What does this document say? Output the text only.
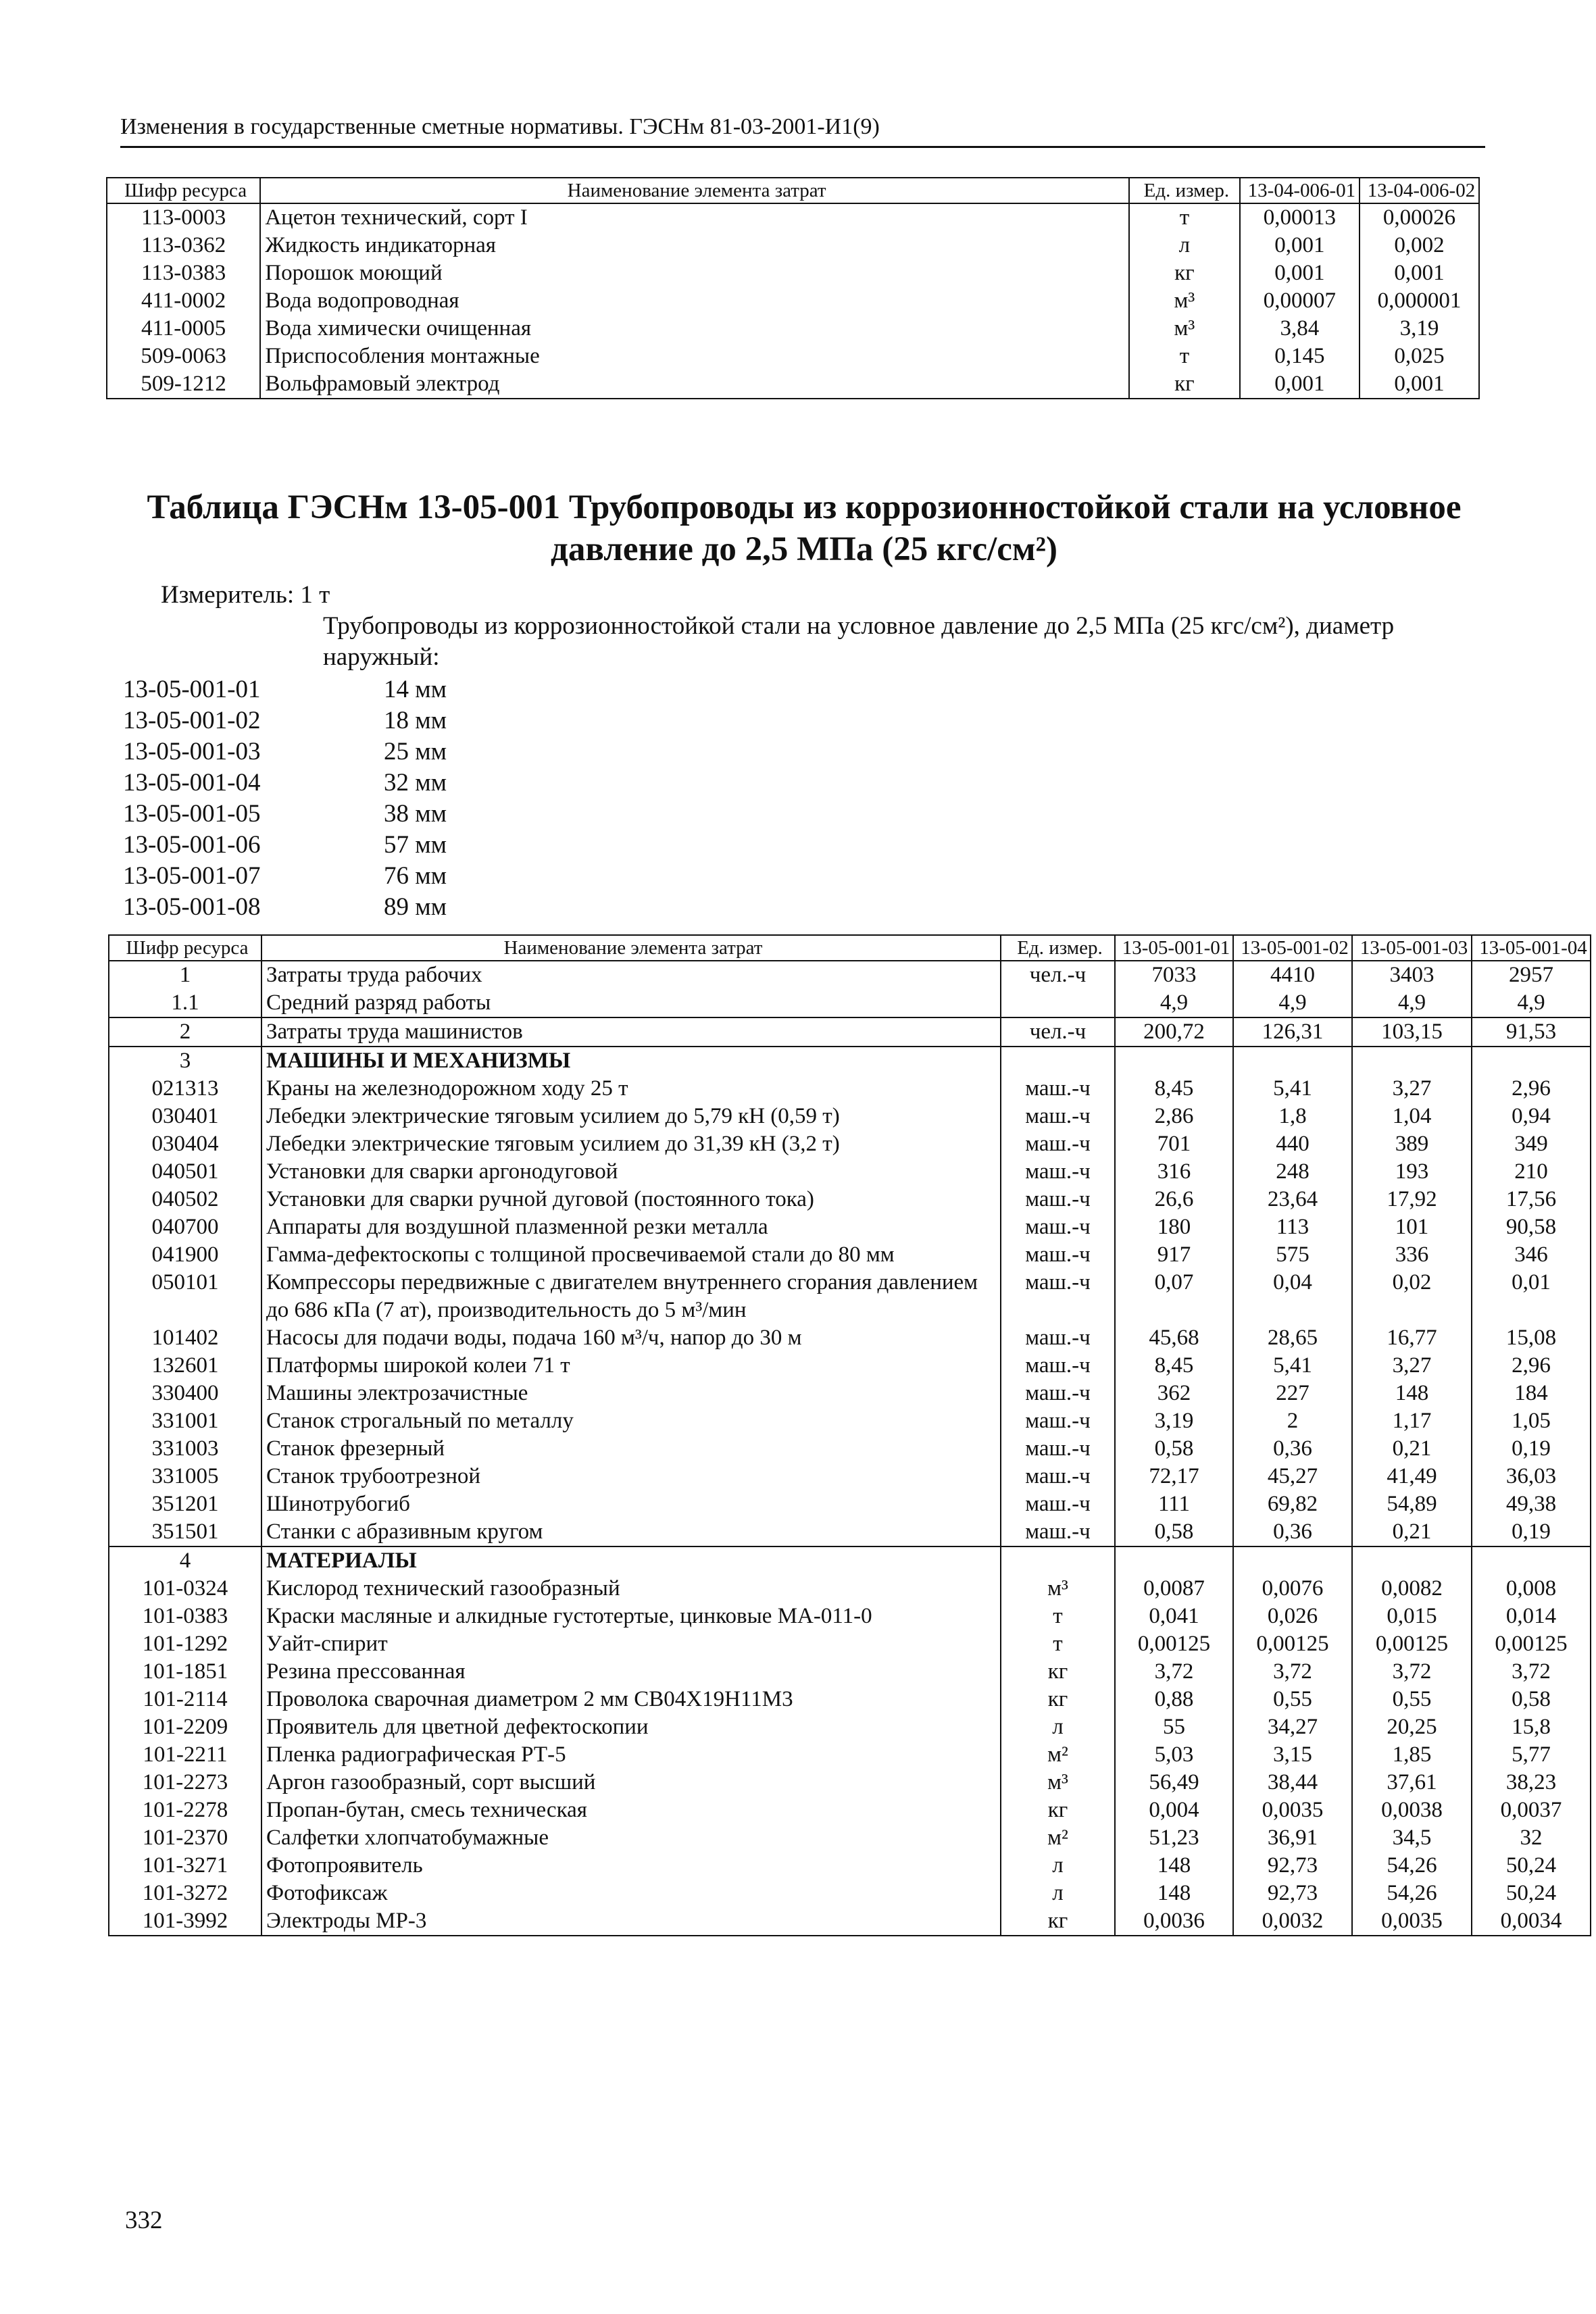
Изменения в государственные сметные нормативы. ГЭСНм 81-03-2001-И1(9)
Шифр ресурса	Наименование элемента затрат	Ед. измер.	13-04-006-01	13-04-006-02
113-0003	Ацетон технический, сорт I	т	0,00013	0,00026
113-0362	Жидкость индикаторная	л	0,001	0,002
113-0383	Порошок моющий	кг	0,001	0,001
411-0002	Вода водопроводная	м³	0,00007	0,000001
411-0005	Вода химически очищенная	м³	3,84	3,19
509-0063	Приспособления монтажные	т	0,145	0,025
509-1212	Вольфрамовый электрод	кг	0,001	0,001
Таблица ГЭСНм 13-05-001 Трубопроводы из коррозионностойкой стали на условное давление до 2,5 МПа (25 кгс/см²)
Измеритель: 1 т
Трубопроводы из коррозионностойкой стали на условное давление до 2,5 МПа (25 кгс/см²), диаметр наружный:
13-05-001-01	14 мм
13-05-001-02	18 мм
13-05-001-03	25 мм
13-05-001-04	32 мм
13-05-001-05	38 мм
13-05-001-06	57 мм
13-05-001-07	76 мм
13-05-001-08	89 мм
Шифр ресурса	Наименование элемента затрат	Ед. измер.	13-05-001-01	13-05-001-02	13-05-001-03	13-05-001-04
1	Затраты труда рабочих	чел.-ч	7033	4410	3403	2957
1.1	Средний разряд работы		4,9	4,9	4,9	4,9
2	Затраты труда машинистов	чел.-ч	200,72	126,31	103,15	91,53
3	МАШИНЫ И МЕХАНИЗМЫ					
021313	Краны на железнодорожном ходу 25 т	маш.-ч	8,45	5,41	3,27	2,96
030401	Лебедки электрические тяговым усилием до 5,79 кН (0,59 т)	маш.-ч	2,86	1,8	1,04	0,94
030404	Лебедки электрические тяговым усилием до 31,39 кН (3,2 т)	маш.-ч	701	440	389	349
040501	Установки для сварки аргонодуговой	маш.-ч	316	248	193	210
040502	Установки для сварки ручной дуговой (постоянного тока)	маш.-ч	26,6	23,64	17,92	17,56
040700	Аппараты для воздушной плазменной резки металла	маш.-ч	180	113	101	90,58
041900	Гамма-дефектоскопы с толщиной просвечиваемой стали до 80 мм	маш.-ч	917	575	336	346
050101	Компрессоры передвижные с двигателем внутреннего сгорания давлением до 686 кПа (7 ат), производительность до 5 м³/мин	маш.-ч	0,07	0,04	0,02	0,01
101402	Насосы для подачи воды, подача 160 м³/ч, напор до 30 м	маш.-ч	45,68	28,65	16,77	15,08
132601	Платформы широкой колеи 71 т	маш.-ч	8,45	5,41	3,27	2,96
330400	Машины электрозачистные	маш.-ч	362	227	148	184
331001	Станок строгальный по металлу	маш.-ч	3,19	2	1,17	1,05
331003	Станок фрезерный	маш.-ч	0,58	0,36	0,21	0,19
331005	Станок трубоотрезной	маш.-ч	72,17	45,27	41,49	36,03
351201	Шинотрубогиб	маш.-ч	111	69,82	54,89	49,38
351501	Станки с абразивным кругом	маш.-ч	0,58	0,36	0,21	0,19
4	МАТЕРИАЛЫ					
101-0324	Кислород технический газообразный	м³	0,0087	0,0076	0,0082	0,008
101-0383	Краски масляные и алкидные густотертые, цинковые МА-011-0	т	0,041	0,026	0,015	0,014
101-1292	Уайт-спирит	т	0,00125	0,00125	0,00125	0,00125
101-1851	Резина прессованная	кг	3,72	3,72	3,72	3,72
101-2114	Проволока сварочная диаметром 2 мм СВ04Х19Н11М3	кг	0,88	0,55	0,55	0,58
101-2209	Проявитель для цветной дефектоскопии	л	55	34,27	20,25	15,8
101-2211	Пленка радиографическая РТ-5	м²	5,03	3,15	1,85	5,77
101-2273	Аргон газообразный, сорт высший	м³	56,49	38,44	37,61	38,23
101-2278	Пропан-бутан, смесь техническая	кг	0,004	0,0035	0,0038	0,0037
101-2370	Салфетки хлопчатобумажные	м²	51,23	36,91	34,5	32
101-3271	Фотопроявитель	л	148	92,73	54,26	50,24
101-3272	Фотофиксаж	л	148	92,73	54,26	50,24
101-3992	Электроды МР-3	кг	0,0036	0,0032	0,0035	0,0034
332
